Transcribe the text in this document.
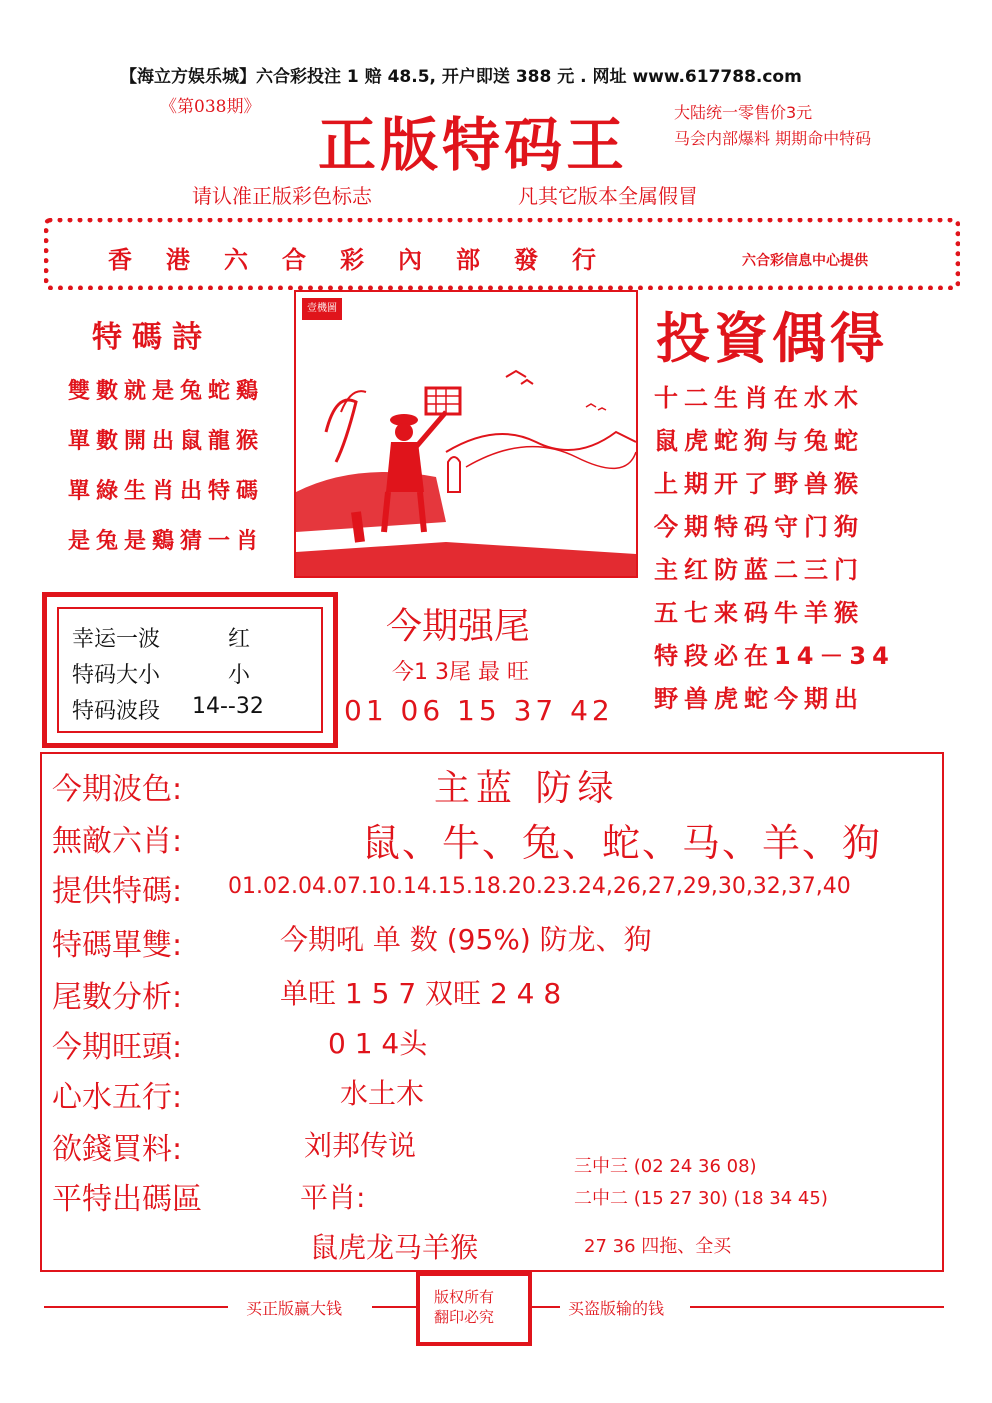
【海立方娱乐城】六合彩投注 1 赔 48.5, 开户即送 388 元 . 网址 www.617788.com
《第038期》
正版特码王	大陆统一零售价3元
马会内部爆料 期期命中特码
请认准正版彩色标志	凡其它版本全属假冒
香港六合彩內部發行	六合彩信息中心提供
特碼詩
雙數就是兔蛇鷄
單數開出鼠龍猴
單綠生肖出特碼
是兔是鷄猜一肖
壹機圖	投資偶得
十二生肖在水木
鼠虎蛇狗与兔蛇
上期开了野兽猴
今期特码守门狗
主红防蓝二三门
五七来码牛羊猴
特段必在14－34
野兽虎蛇今期出
幸运一波	红
特码大小	小
特码波段 14--32
今期强尾
今1 3尾 最 旺
01 06 15 37 42
今期波色:	主蓝 防绿
無敵六肖:	鼠、牛、兔、蛇、马、羊、狗
提供特碼: 01.02.04.07.10.14.15.18.20.23.24,26,27,29,30,32,37,40
特碼單雙:	今期吼 单 数 (95%) 防龙、狗
尾數分析:	单旺 1 5 7 双旺 2 4 8
今期旺頭:	0 1 4头
心水五行:	水土木
欲錢買料:	刘邦传说
平特出碼區	平肖:
鼠虎龙马羊猴
三中三 (02 24 36 08)
二中二 (15 27 30) (18 34 45)
27 36 四拖、全买
买正版赢大钱
版权所有
翻印必究	买盗版输的钱
